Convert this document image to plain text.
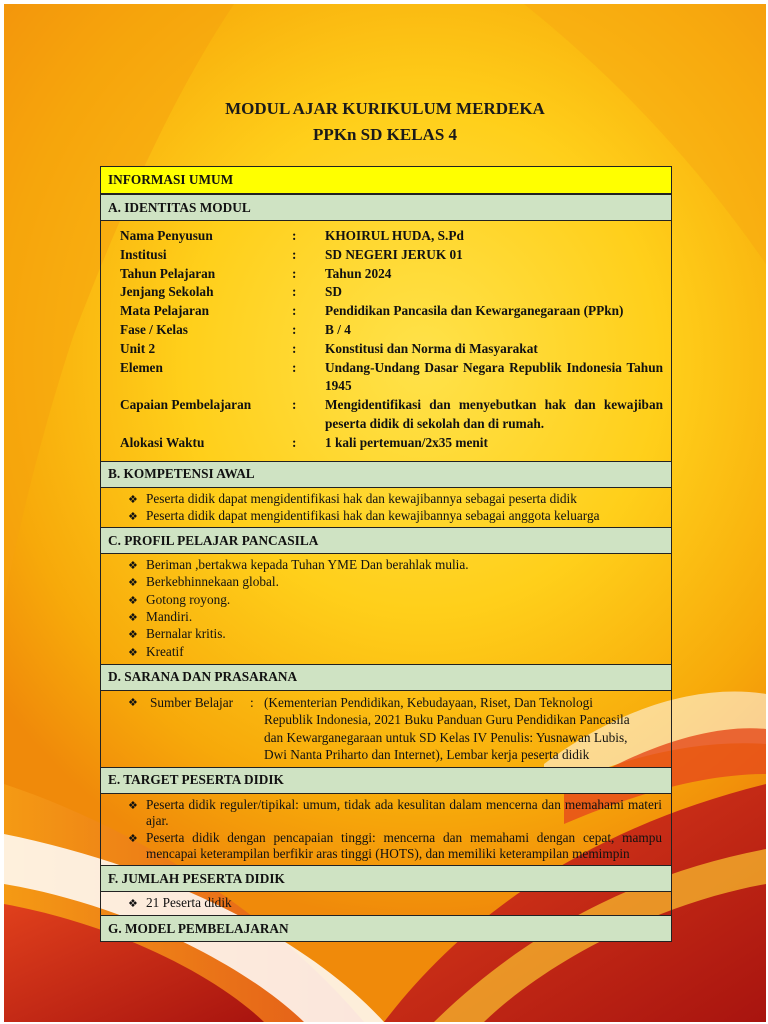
MODUL AJAR KURIKULUM MERDEKA
PPKn SD KELAS 4
INFORMASI UMUM
A. IDENTITAS MODUL
Nama Penyusun	:	KHOIRUL HUDA, S.Pd
Institusi	:	SD NEGERI JERUK 01
Tahun Pelajaran	:	Tahun 2024
Jenjang Sekolah	:	SD
Mata Pelajaran	:	Pendidikan Pancasila dan Kewarganegaraan (PPkn)
Fase / Kelas	:	B / 4
Unit 2	:	Konstitusi dan Norma di Masyarakat
Elemen	:	Undang-Undang Dasar Negara Republik Indonesia Tahun 1945
Capaian Pembelajaran	:	Mengidentifikasi dan menyebutkan hak dan kewajiban peserta didik di sekolah dan di rumah.
Alokasi Waktu	:	1 kali pertemuan/2x35 menit
B. KOMPETENSI AWAL
❖ Peserta didik dapat mengidentifikasi hak dan kewajibannya sebagai peserta didik
❖ Peserta didik dapat mengidentifikasi hak dan kewajibannya sebagai anggota keluarga
C. PROFIL PELAJAR PANCASILA
❖ Beriman ,bertakwa kepada Tuhan YME Dan berahlak mulia.
❖ Berkebhinnekaan global.
❖ Gotong royong.
❖ Mandiri.
❖ Bernalar kritis.
❖ Kreatif
D. SARANA DAN PRASARANA
❖ Sumber Belajar	: (Kementerian Pendidikan, Kebudayaan, Riset, Dan Teknologi
Republik Indonesia, 2021 Buku Panduan Guru Pendidikan Pancasila
dan Kewarganegaraan untuk SD Kelas IV Penulis: Yusnawan Lubis,
Dwi Nanta Priharto dan Internet), Lembar kerja peserta didik
E. TARGET PESERTA DIDIK
❖ Peserta didik reguler/tipikal: umum, tidak ada kesulitan dalam mencerna dan memahami materi ajar.
❖ Peserta didik dengan pencapaian tinggi: mencerna dan memahami dengan cepat, mampu mencapai keterampilan berfikir aras tinggi (HOTS), dan memiliki keterampilan memimpin
F. JUMLAH PESERTA DIDIK
❖ 21 Peserta didik
G. MODEL PEMBELAJARAN
